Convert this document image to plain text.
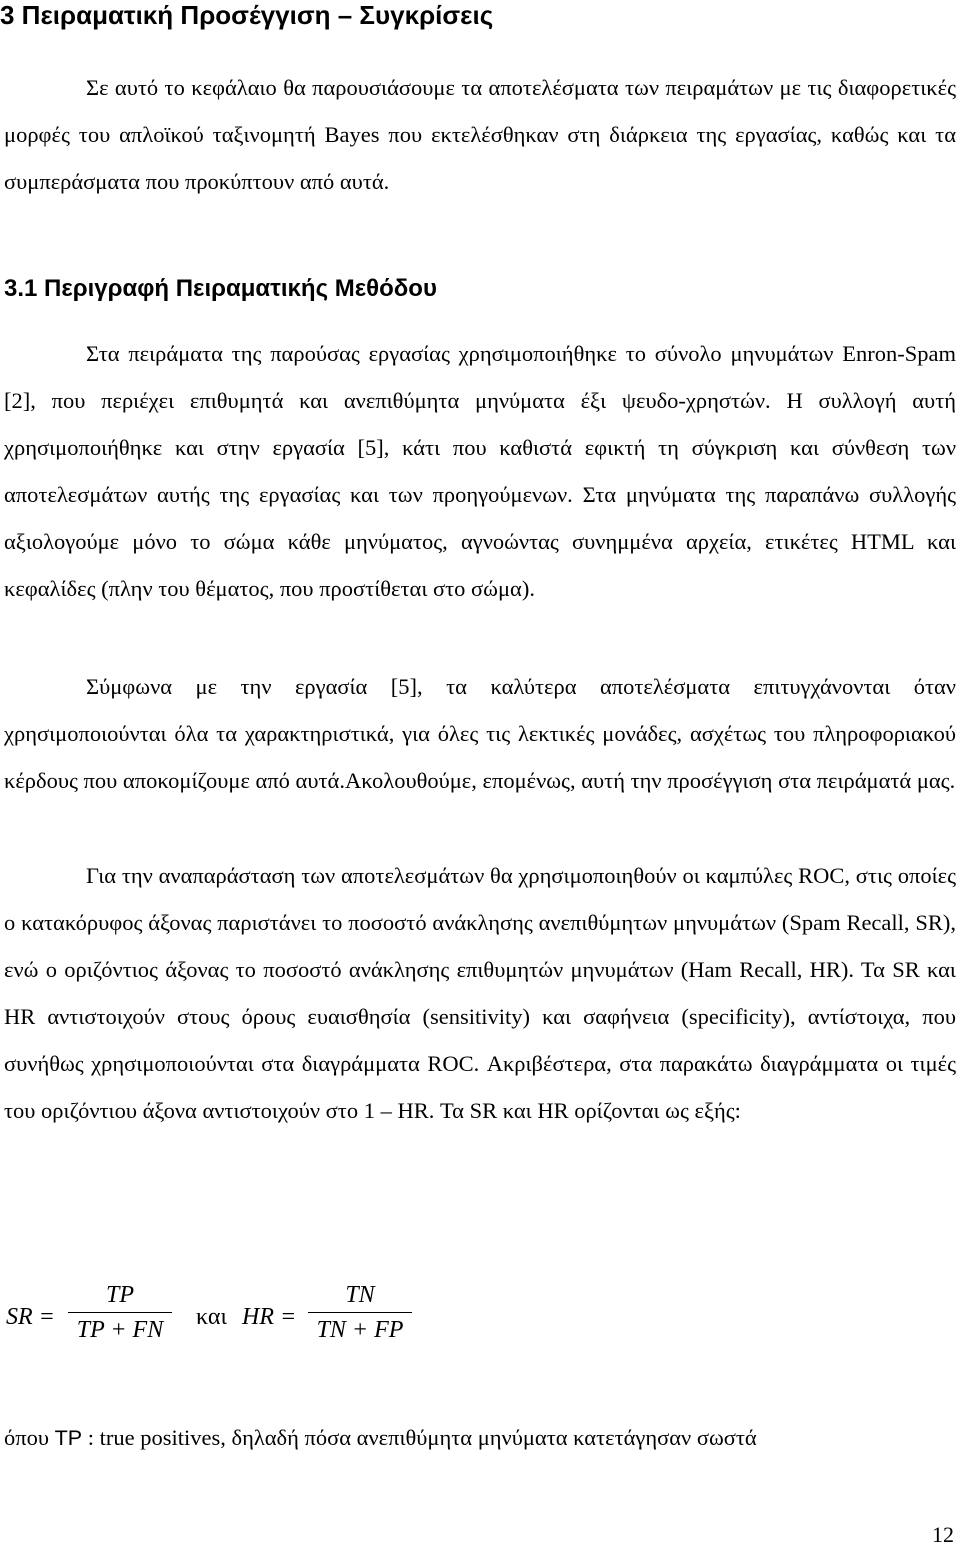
3 Πειραματική Προσέγγιση – Συγκρίσεις

Σε αυτό το κεφάλαιο θα παρουσιάσουμε τα αποτελέσματα των πειραμάτων με τις διαφορετικές μορφές του απλοϊκού ταξινομητή Bayes που εκτελέσθηκαν στη διάρκεια της εργασίας, καθώς και τα συμπεράσματα που προκύπτουν από αυτά.

3.1 Περιγραφή Πειραματικής Μεθόδου

Στα πειράματα της παρούσας εργασίας χρησιμοποιήθηκε το σύνολο μηνυμάτων Enron-Spam [2], που περιέχει επιθυμητά και ανεπιθύμητα μηνύματα έξι ψευδο-χρηστών. Η συλλογή αυτή χρησιμοποιήθηκε και στην εργασία [5], κάτι που καθιστά εφικτή τη σύγκριση και σύνθεση των αποτελεσμάτων αυτής της εργασίας και των προηγούμενων. Στα μηνύματα της παραπάνω συλλογής αξιολογούμε μόνο το σώμα κάθε μηνύματος, αγνοώντας συνημμένα αρχεία, ετικέτες HTML και κεφαλίδες (πλην του θέματος, που προστίθεται στο σώμα).

Σύμφωνα με την εργασία [5], τα καλύτερα αποτελέσματα επιτυγχάνονται όταν χρησιμοποιούνται όλα τα χαρακτηριστικά, για όλες τις λεκτικές μονάδες, ασχέτως του πληροφοριακού κέρδους που αποκομίζουμε από αυτά.Ακολουθούμε, επομένως, αυτή την προσέγγιση στα πειράματά μας.

Για την αναπαράσταση των αποτελεσμάτων θα χρησιμοποιηθούν οι καμπύλες ROC, στις οποίες ο κατακόρυφος άξονας παριστάνει το ποσοστό ανάκλησης ανεπιθύμητων μηνυμάτων (Spam Recall, SR), ενώ ο οριζόντιος άξονας το ποσοστό ανάκλησης επιθυμητών μηνυμάτων (Ham Recall, HR). Τα SR και HR αντιστοιχούν στους όρους ευαισθησία (sensitivity) και σαφήνεια (specificity), αντίστοιχα, που συνήθως χρησιμοποιούνται στα διαγράμματα ROC. Ακριβέστερα, στα παρακάτω διαγράμματα οι τιμές του οριζόντιου άξονα αντιστοιχούν στο 1 – HR. Τα SR και HR ορίζονται ως εξής:

SR =
TP
TP + FN	και HR =
TN
TN + FP

όπου TP : true positives, δηλαδή πόσα ανεπιθύμητα μηνύματα κατετάγησαν σωστά

12
